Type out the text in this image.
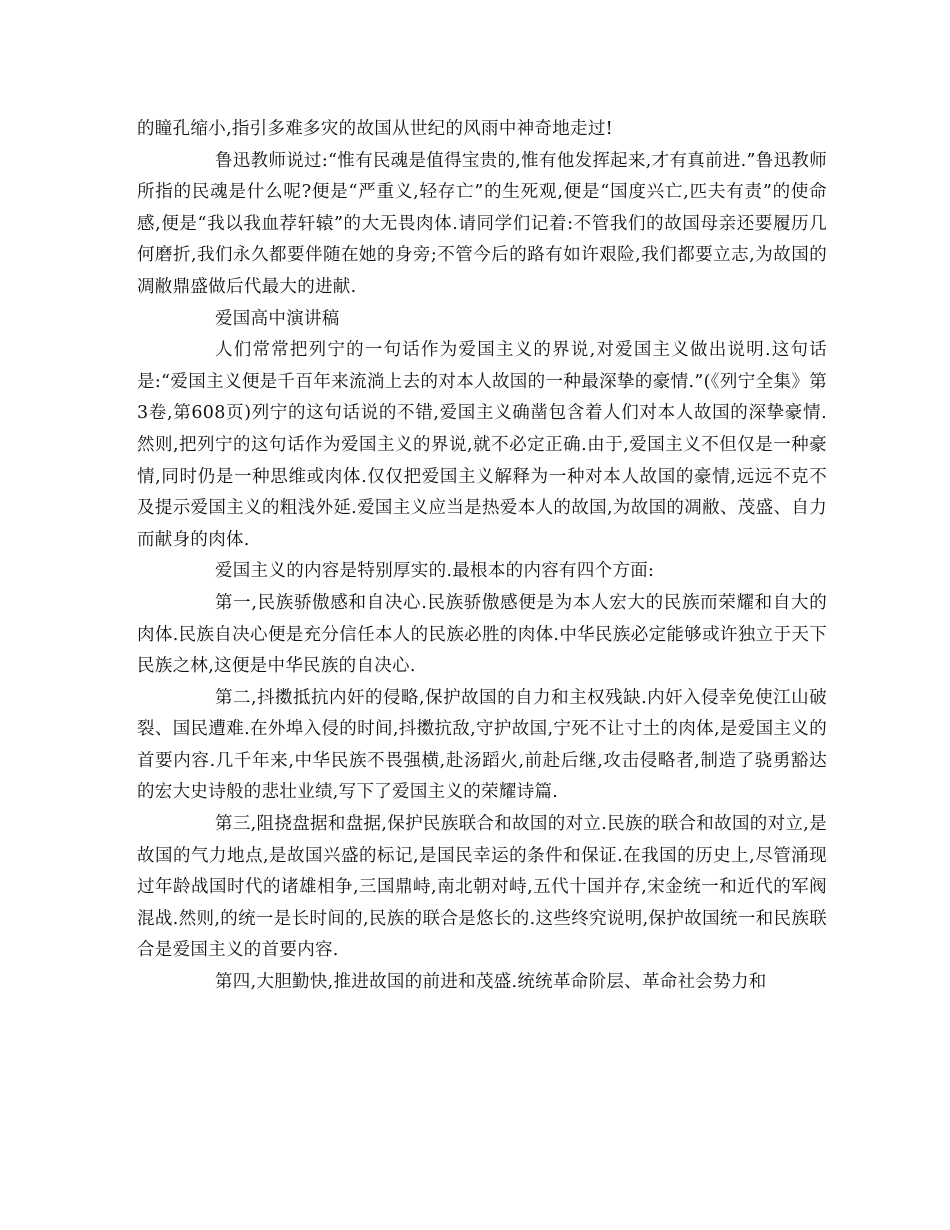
的瞳孔缩小,指引多难多灾的故国从世纪的风雨中神奇地走过!

鲁迅教师说过:“惟有民魂是值得宝贵的,惟有他发挥起来,才有真前进.”鲁迅教师所指的民魂是什么呢?便是“严重义,轻存亡”的生死观,便是“国度兴亡,匹夫有责”的使命感,便是“我以我血荐轩辕”的大无畏肉体.请同学们记着:不管我们的故国母亲还要履历几何磨折,我们永久都要伴随在她的身旁;不管今后的路有如许艰险,我们都要立志,为故国的凋敝鼎盛做后代最大的进献.

爱国高中演讲稿

人们常常把列宁的一句话作为爱国主义的界说,对爱国主义做出说明.这句话是:“爱国主义便是千百年来流淌上去的对本人故国的一种最深挚的豪情.”(《列宁全集》第3卷,第608页)列宁的这句话说的不错,爱国主义确凿包含着人们对本人故国的深挚豪情.然则,把列宁的这句话作为爱国主义的界说,就不必定正确.由于,爱国主义不但仅是一种豪情,同时仍是一种思维或肉体.仅仅把爱国主义解释为一种对本人故国的豪情,远远不克不及提示爱国主义的粗浅外延.爱国主义应当是热爱本人的故国,为故国的凋敝、茂盛、自力而献身的肉体.

爱国主义的内容是特别厚实的.最根本的内容有四个方面:

第一,民族骄傲感和自决心.民族骄傲感便是为本人宏大的民族而荣耀和自大的肉体.民族自决心便是充分信任本人的民族必胜的肉体.中华民族必定能够或许独立于天下民族之林,这便是中华民族的自决心.

第二,抖擞抵抗内奸的侵略,保护故国的自力和主权残缺.内奸入侵幸免使江山破裂、国民遭难.在外埠入侵的时间,抖擞抗敌,守护故国,宁死不让寸土的肉体,是爱国主义的首要内容.几千年来,中华民族不畏强横,赴汤蹈火,前赴后继,攻击侵略者,制造了骁勇豁达的宏大史诗般的悲壮业绩,写下了爱国主义的荣耀诗篇.

第三,阻挠盘据和盘据,保护民族联合和故国的对立.民族的联合和故国的对立,是故国的气力地点,是故国兴盛的标记,是国民幸运的条件和保证.在我国的历史上,尽管涌现过年龄战国时代的诸雄相争,三国鼎峙,南北朝对峙,五代十国并存,宋金统一和近代的军阀混战.然则,的统一是长时间的,民族的联合是悠长的.这些终究说明,保护故国统一和民族联合是爱国主义的首要内容.

第四,大胆勤快,推进故国的前进和茂盛.统统革命阶层、革命社会势力和
